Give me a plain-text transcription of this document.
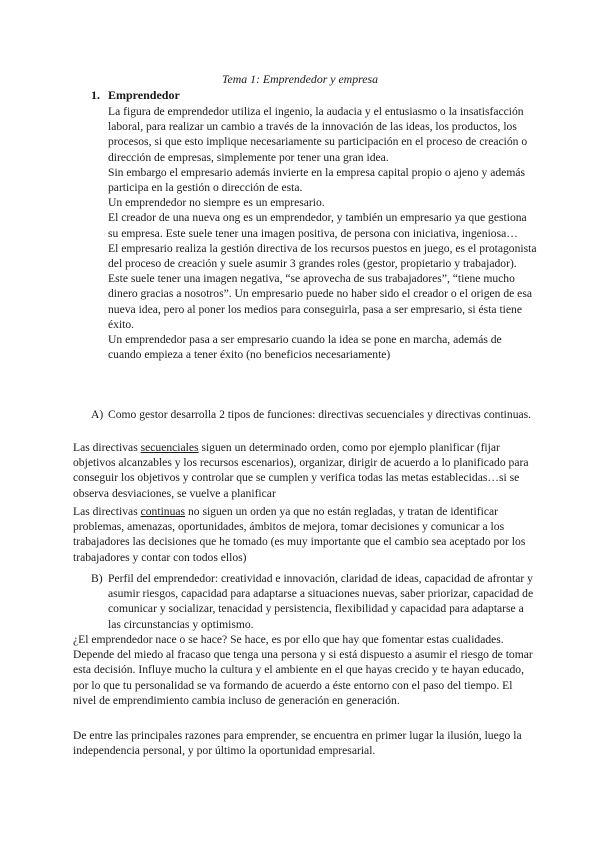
Tema 1: Emprendedor y empresa
1. Emprendedor

La figura de emprendedor utiliza el ingenio, la audacia y el entusiasmo o la insatisfacción laboral, para realizar un cambio a través de la innovación de las ideas, los productos, los procesos, si que esto implique necesariamente su participación en el proceso de creación o dirección de empresas, simplemente por tener una gran idea.

Sin embargo el empresario además invierte en la empresa capital propio o ajeno y además participa en la gestión o dirección de esta.

Un emprendedor no siempre es un empresario.

El creador de una nueva ong es un emprendedor, y también un empresario ya que gestiona su empresa. Este suele tener una imagen positiva, de persona con iniciativa, ingeniosa…

El empresario realiza la gestión directiva de los recursos puestos en juego, es el protagonista del proceso de creación y suele asumir 3 grandes roles (gestor, propietario y trabajador). Este suele tener una imagen negativa, “se aprovecha de sus trabajadores”, “tiene mucho dinero gracias a nosotros”. Un empresario puede no haber sido el creador o el origen de esa nueva idea, pero al poner los medios para conseguirla, pasa a ser empresario, si ésta tiene éxito.

Un emprendedor pasa a ser empresario cuando la idea se pone en marcha, además de cuando empieza a tener éxito (no beneficios necesariamente)

A) Como gestor desarrolla 2 tipos de funciones: directivas secuenciales y directivas continuas.

Las directivas secuenciales siguen un determinado orden, como por ejemplo planificar (fijar objetivos alcanzables y los recursos escenarios), organizar, dirigir de acuerdo a lo planificado para conseguir los objetivos y controlar que se cumplen y verifica todas las metas establecidas…si se observa desviaciones, se vuelve a planificar

Las directivas continuas no siguen un orden ya que no están regladas, y tratan de identificar problemas, amenazas, oportunidades, ámbitos de mejora, tomar decisiones y comunicar a los trabajadores las decisiones que he tomado (es muy importante que el cambio sea aceptado por los trabajadores y contar con todos ellos)

B) Perfil del emprendedor: creatividad e innovación, claridad de ideas, capacidad de afrontar y asumir riesgos, capacidad para adaptarse a situaciones nuevas, saber priorizar, capacidad de comunicar y socializar, tenacidad y persistencia, flexibilidad y capacidad para adaptarse a las circunstancias y optimismo.

¿El emprendedor nace o se hace? Se hace, es por ello que hay que fomentar estas cualidades. Depende del miedo al fracaso que tenga una persona y si está dispuesto a asumir el riesgo de tomar esta decisión. Influye mucho la cultura y el ambiente en el que hayas crecido y te hayan educado, por lo que tu personalidad se va formando de acuerdo a éste entorno con el paso del tiempo. El nivel de emprendimiento cambia incluso de generación en generación.

De entre las principales razones para emprender, se encuentra en primer lugar la ilusión, luego la independencia personal, y por último la oportunidad empresarial.
